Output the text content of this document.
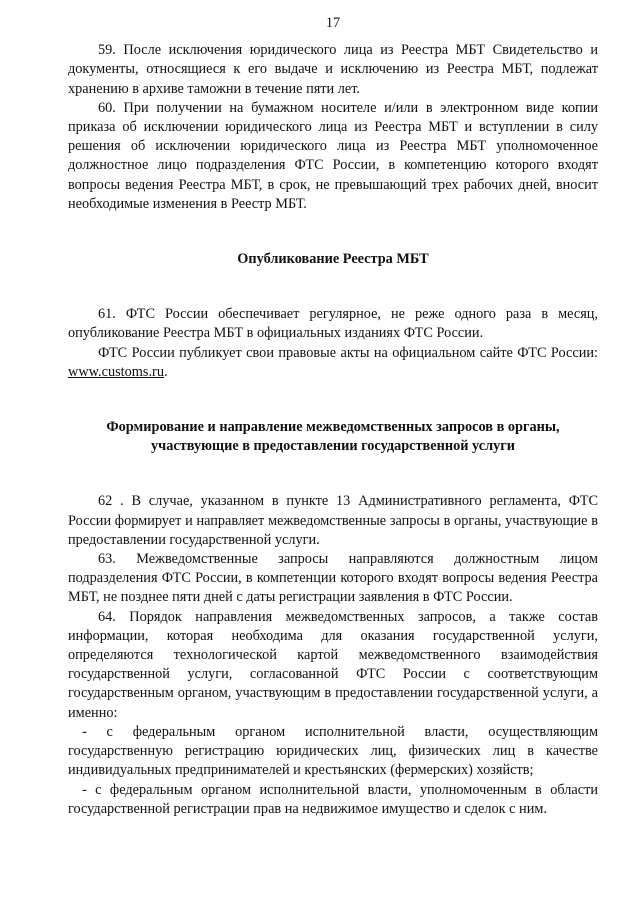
17

59. После исключения юридического лица из Реестра МБТ Свидетельство и документы, относящиеся к его выдаче и исключению из Реестра МБТ, подлежат хранению в архиве таможни в течение пяти лет.

60. При получении на бумажном носителе и/или в электронном виде копии приказа об исключении юридического лица из Реестра МБТ и вступлении в силу решения об исключении юридического лица из Реестра МБТ уполномоченное должностное лицо подразделения ФТС России, в компетенцию которого входят вопросы ведения Реестра МБТ, в срок, не превышающий трех рабочих дней, вносит необходимые изменения в Реестр МБТ.

Опубликование Реестра МБТ

61. ФТС России обеспечивает регулярное, не реже одного раза в месяц, опубликование Реестра МБТ в официальных изданиях ФТС России.

ФТС России публикует свои правовые акты на официальном сайте ФТС России: www.customs.ru.

Формирование и направление межведомственных запросов в органы,
участвующие в предоставлении государственной услуги

62 . В случае, указанном в пункте 13 Административного регламента, ФТС России формирует и направляет межведомственные запросы в органы, участвующие в предоставлении государственной услуги.

63. Межведомственные запросы направляются должностным лицом подразделения ФТС России, в компетенции которого входят вопросы ведения Реестра МБТ, не позднее пяти дней с даты регистрации заявления в ФТС России.

64. Порядок направления межведомственных запросов, а также состав информации, которая необходима для оказания государственной услуги, определяются технологической картой межведомственного взаимодействия государственной услуги, согласованной ФТС России с соответствующим государственным органом, участвующим в предоставлении государственной услуги, а именно:

- с федеральным органом исполнительной власти, осуществляющим государственную регистрацию юридических лиц, физических лиц в качестве индивидуальных предпринимателей и крестьянских (фермерских) хозяйств;

- с федеральным органом исполнительной власти, уполномоченным в области государственной регистрации прав на недвижимое имущество и сделок с ним.
